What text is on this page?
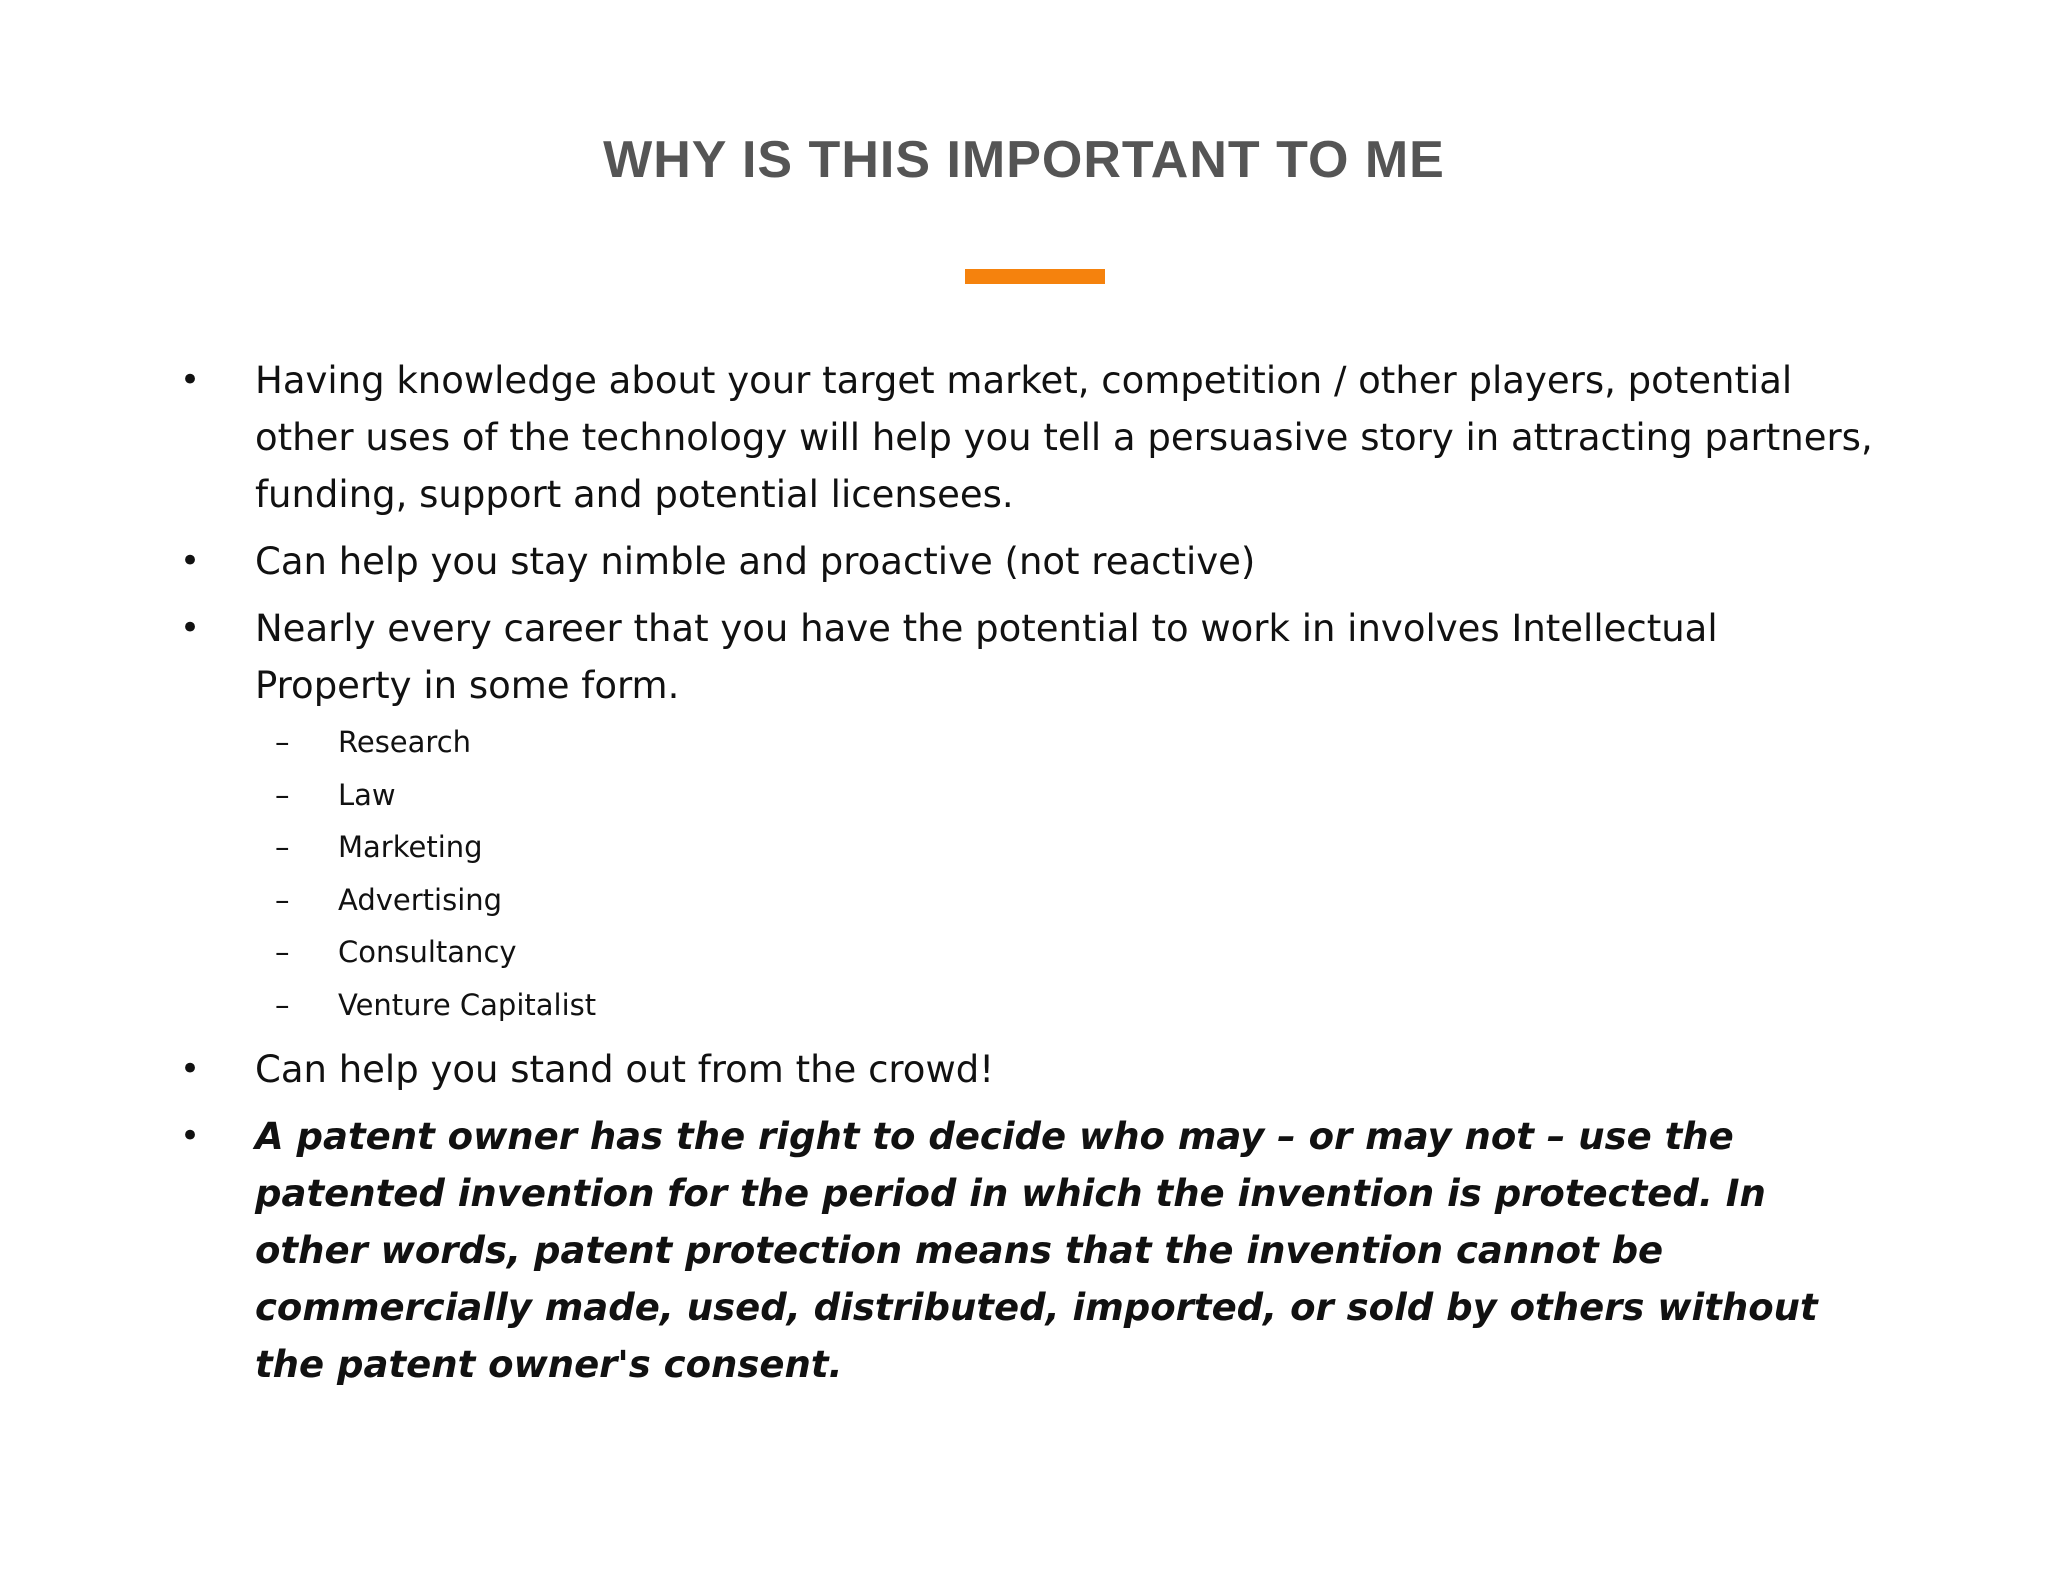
WHY IS THIS IMPORTANT TO ME
• Having knowledge about your target market, competition / other players, potential other uses of the technology will help you tell a persuasive story in attracting partners, funding, support and potential licensees.
• Can help you stay nimble and proactive (not reactive)
• Nearly every career that you have the potential to work in involves Intellectual Property in some form.
– Research
– Law
– Marketing
– Advertising
– Consultancy
– Venture Capitalist
• Can help you stand out from the crowd!
• A patent owner has the right to decide who may – or may not – use the patented invention for the period in which the invention is protected. In other words, patent protection means that the invention cannot be commercially made, used, distributed, imported, or sold by others without the patent owner's consent.
